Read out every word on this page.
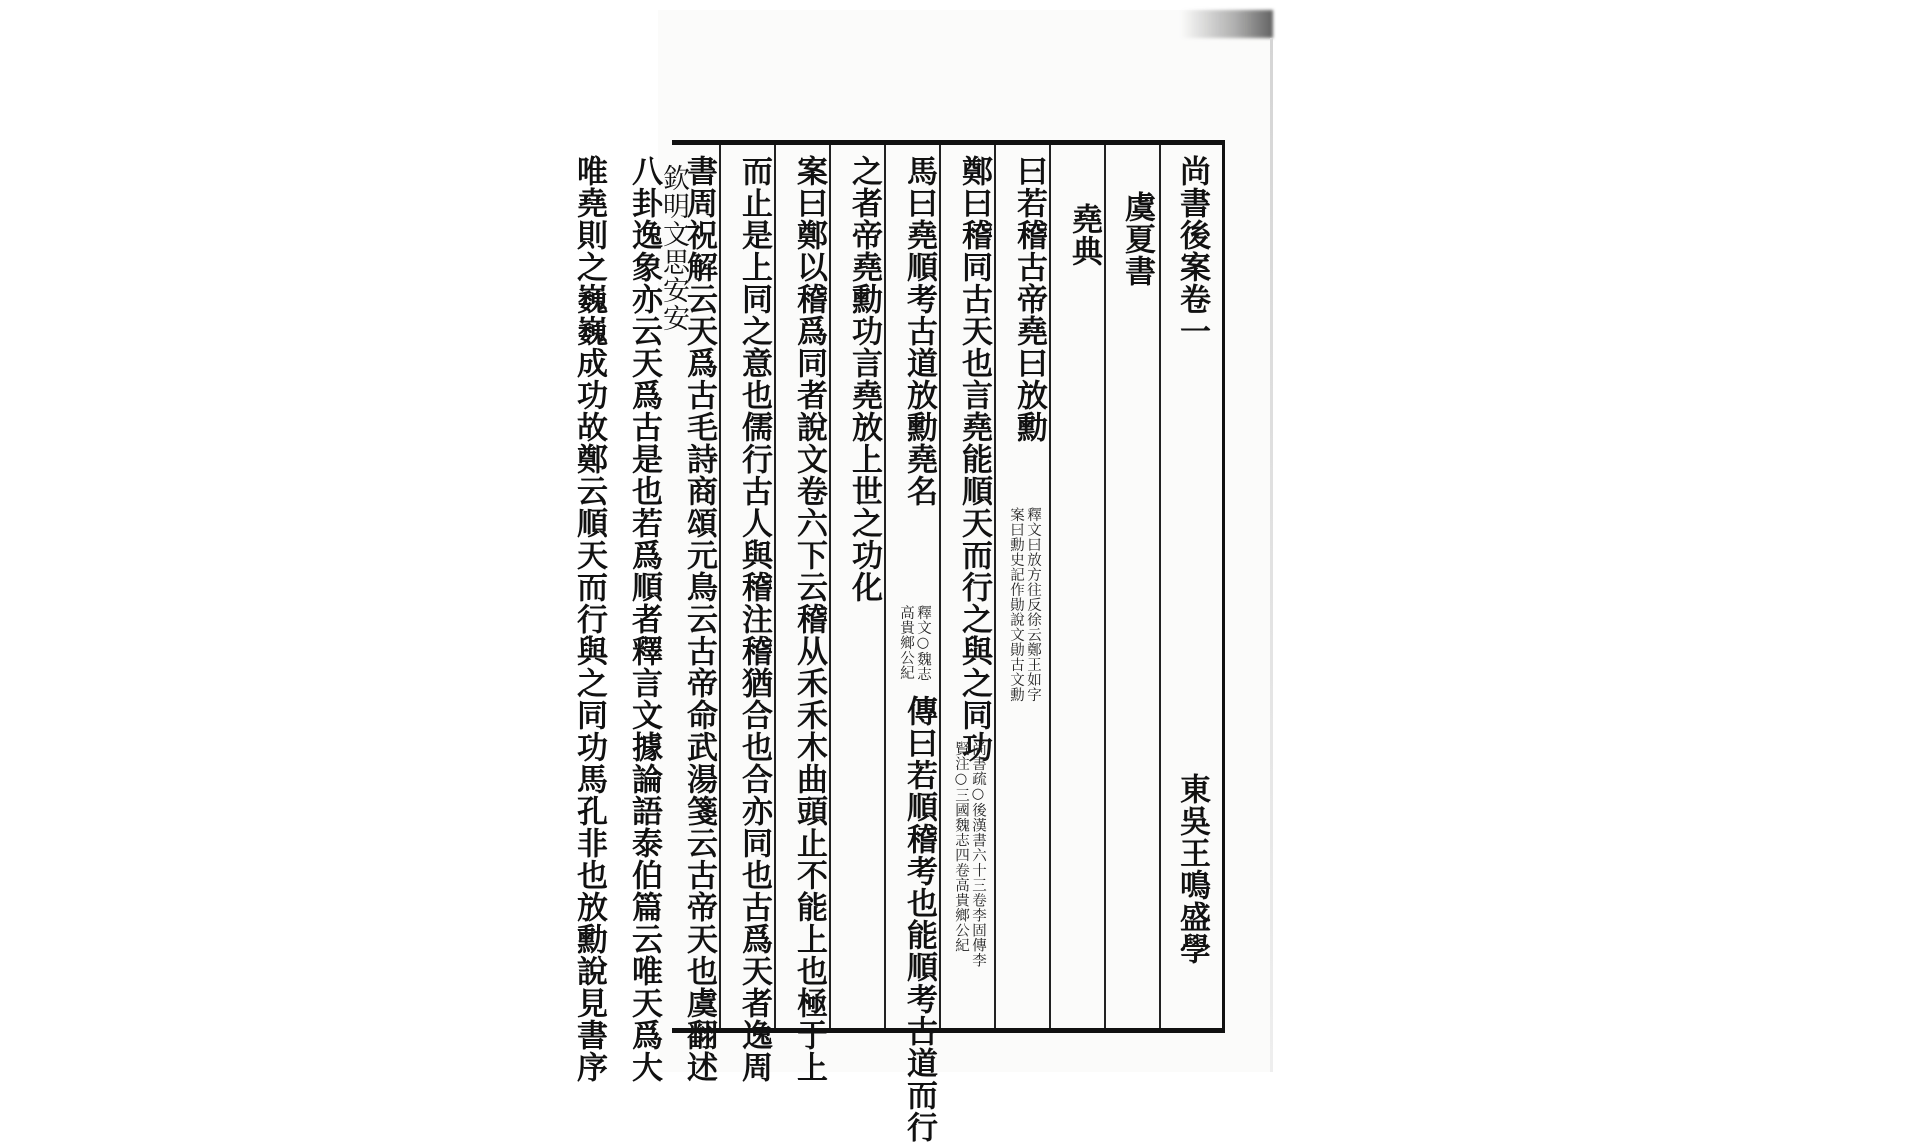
尚書後案卷一
東吳王鳴盛學
虞夏書
堯典
曰若稽古帝堯曰放勳
釋文曰放方往反徐云鄭王如字
案曰勳史記作勛說文勛古文勳
鄭曰稽同古天也言堯能順天而行之與之同功
尚書疏○後漢書六十三卷李固傳李
賢注○三國魏志四卷高貴鄉公紀
馬曰堯順考古道放勳堯名
釋文○魏志
高貴鄉公紀
傳曰若順稽考也能順考古道而行
之者帝堯勳功言堯放上世之功化
案曰鄭以稽爲同者說文卷六下云稽从禾禾木曲頭止不能上也極于上
而止是上同之意也儒行古人與稽注稽猶合也合亦同也古爲天者逸周
書周祝解云天爲古毛詩商頌元鳥云古帝命武湯箋云古帝天也虞翻述
八卦逸象亦云天爲古是也若爲順者釋言文據論語泰伯篇云唯天爲大
唯堯則之巍巍成功故鄭云順天而行與之同功馬孔非也放勳說見書序 欽明文思安安
